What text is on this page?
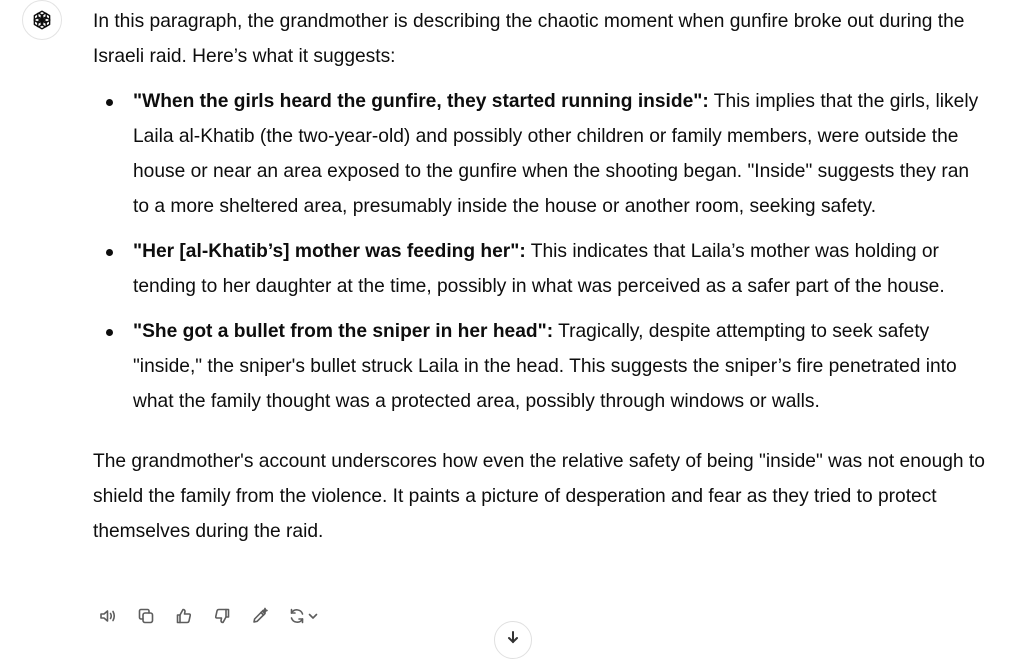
In this paragraph, the grandmother is describing the chaotic moment when gunfire broke out during the Israeli raid. Here’s what it suggests:

"When the girls heard the gunfire, they started running inside": This implies that the girls, likely Laila al-Khatib (the two-year-old) and possibly other children or family members, were outside the house or near an area exposed to the gunfire when the shooting began. "Inside" suggests they ran to a more sheltered area, presumably inside the house or another room, seeking safety.
"Her [al-Khatib’s] mother was feeding her": This indicates that Laila’s mother was holding or tending to her daughter at the time, possibly in what was perceived as a safer part of the house.
"She got a bullet from the sniper in her head": Tragically, despite attempting to seek safety "inside," the sniper's bullet struck Laila in the head. This suggests the sniper’s fire penetrated into what the family thought was a protected area, possibly through windows or walls.

The grandmother's account underscores how even the relative safety of being "inside" was not enough to shield the family from the violence. It paints a picture of desperation and fear as they tried to protect themselves during the raid.
